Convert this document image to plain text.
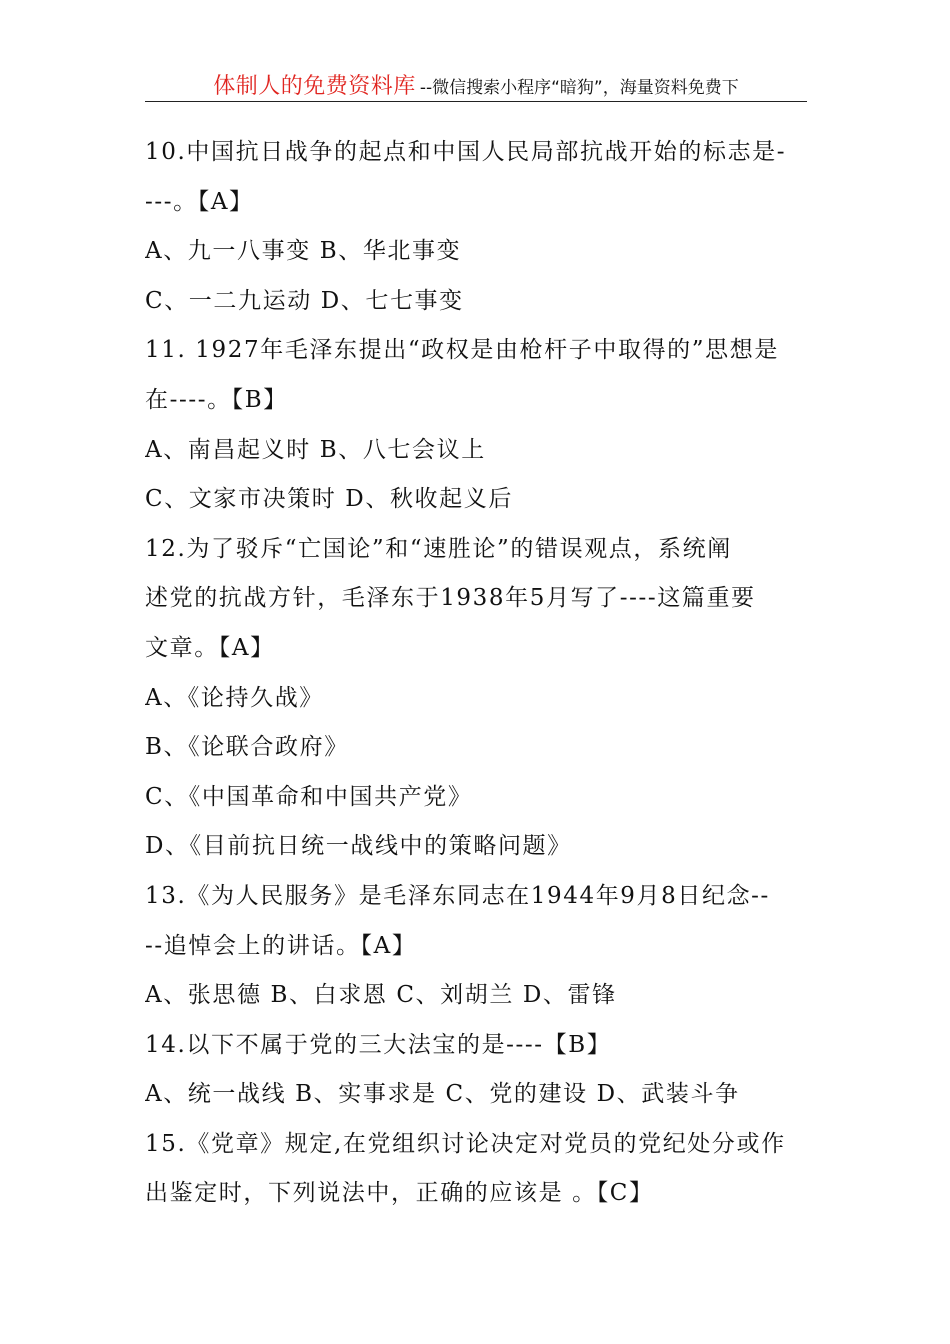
体制人的免费资料库 --微信搜索小程序“暗狗”，海量资料免费下
10.中国抗日战争的起点和中国人民局部抗战开始的标志是-
---。【A】
A、九一八事变 B、华北事变
C、一二九运动 D、七七事变
11. 1927年毛泽东提出“政权是由枪杆子中取得的”思想是
在----。【B】
A、南昌起义时 B、八七会议上
C、文家市决策时 D、秋收起义后
12.为了驳斥“亡国论”和“速胜论”的错误观点，系统阐
述党的抗战方针，毛泽东于1938年5月写了----这篇重要
文章。【A】
A、《论持久战》
B、《论联合政府》
C、《中国革命和中国共产党》
D、《目前抗日统一战线中的策略问题》
13.《为人民服务》是毛泽东同志在1944年9月8日纪念--
--追悼会上的讲话。【A】
A、张思德 B、白求恩 C、刘胡兰 D、雷锋
14.以下不属于党的三大法宝的是----【B】
A、统一战线 B、实事求是 C、党的建设 D、武装斗争
15.《党章》规定,在党组织讨论决定对党员的党纪处分或作
出鉴定时，下列说法中，正确的应该是 。【C】
